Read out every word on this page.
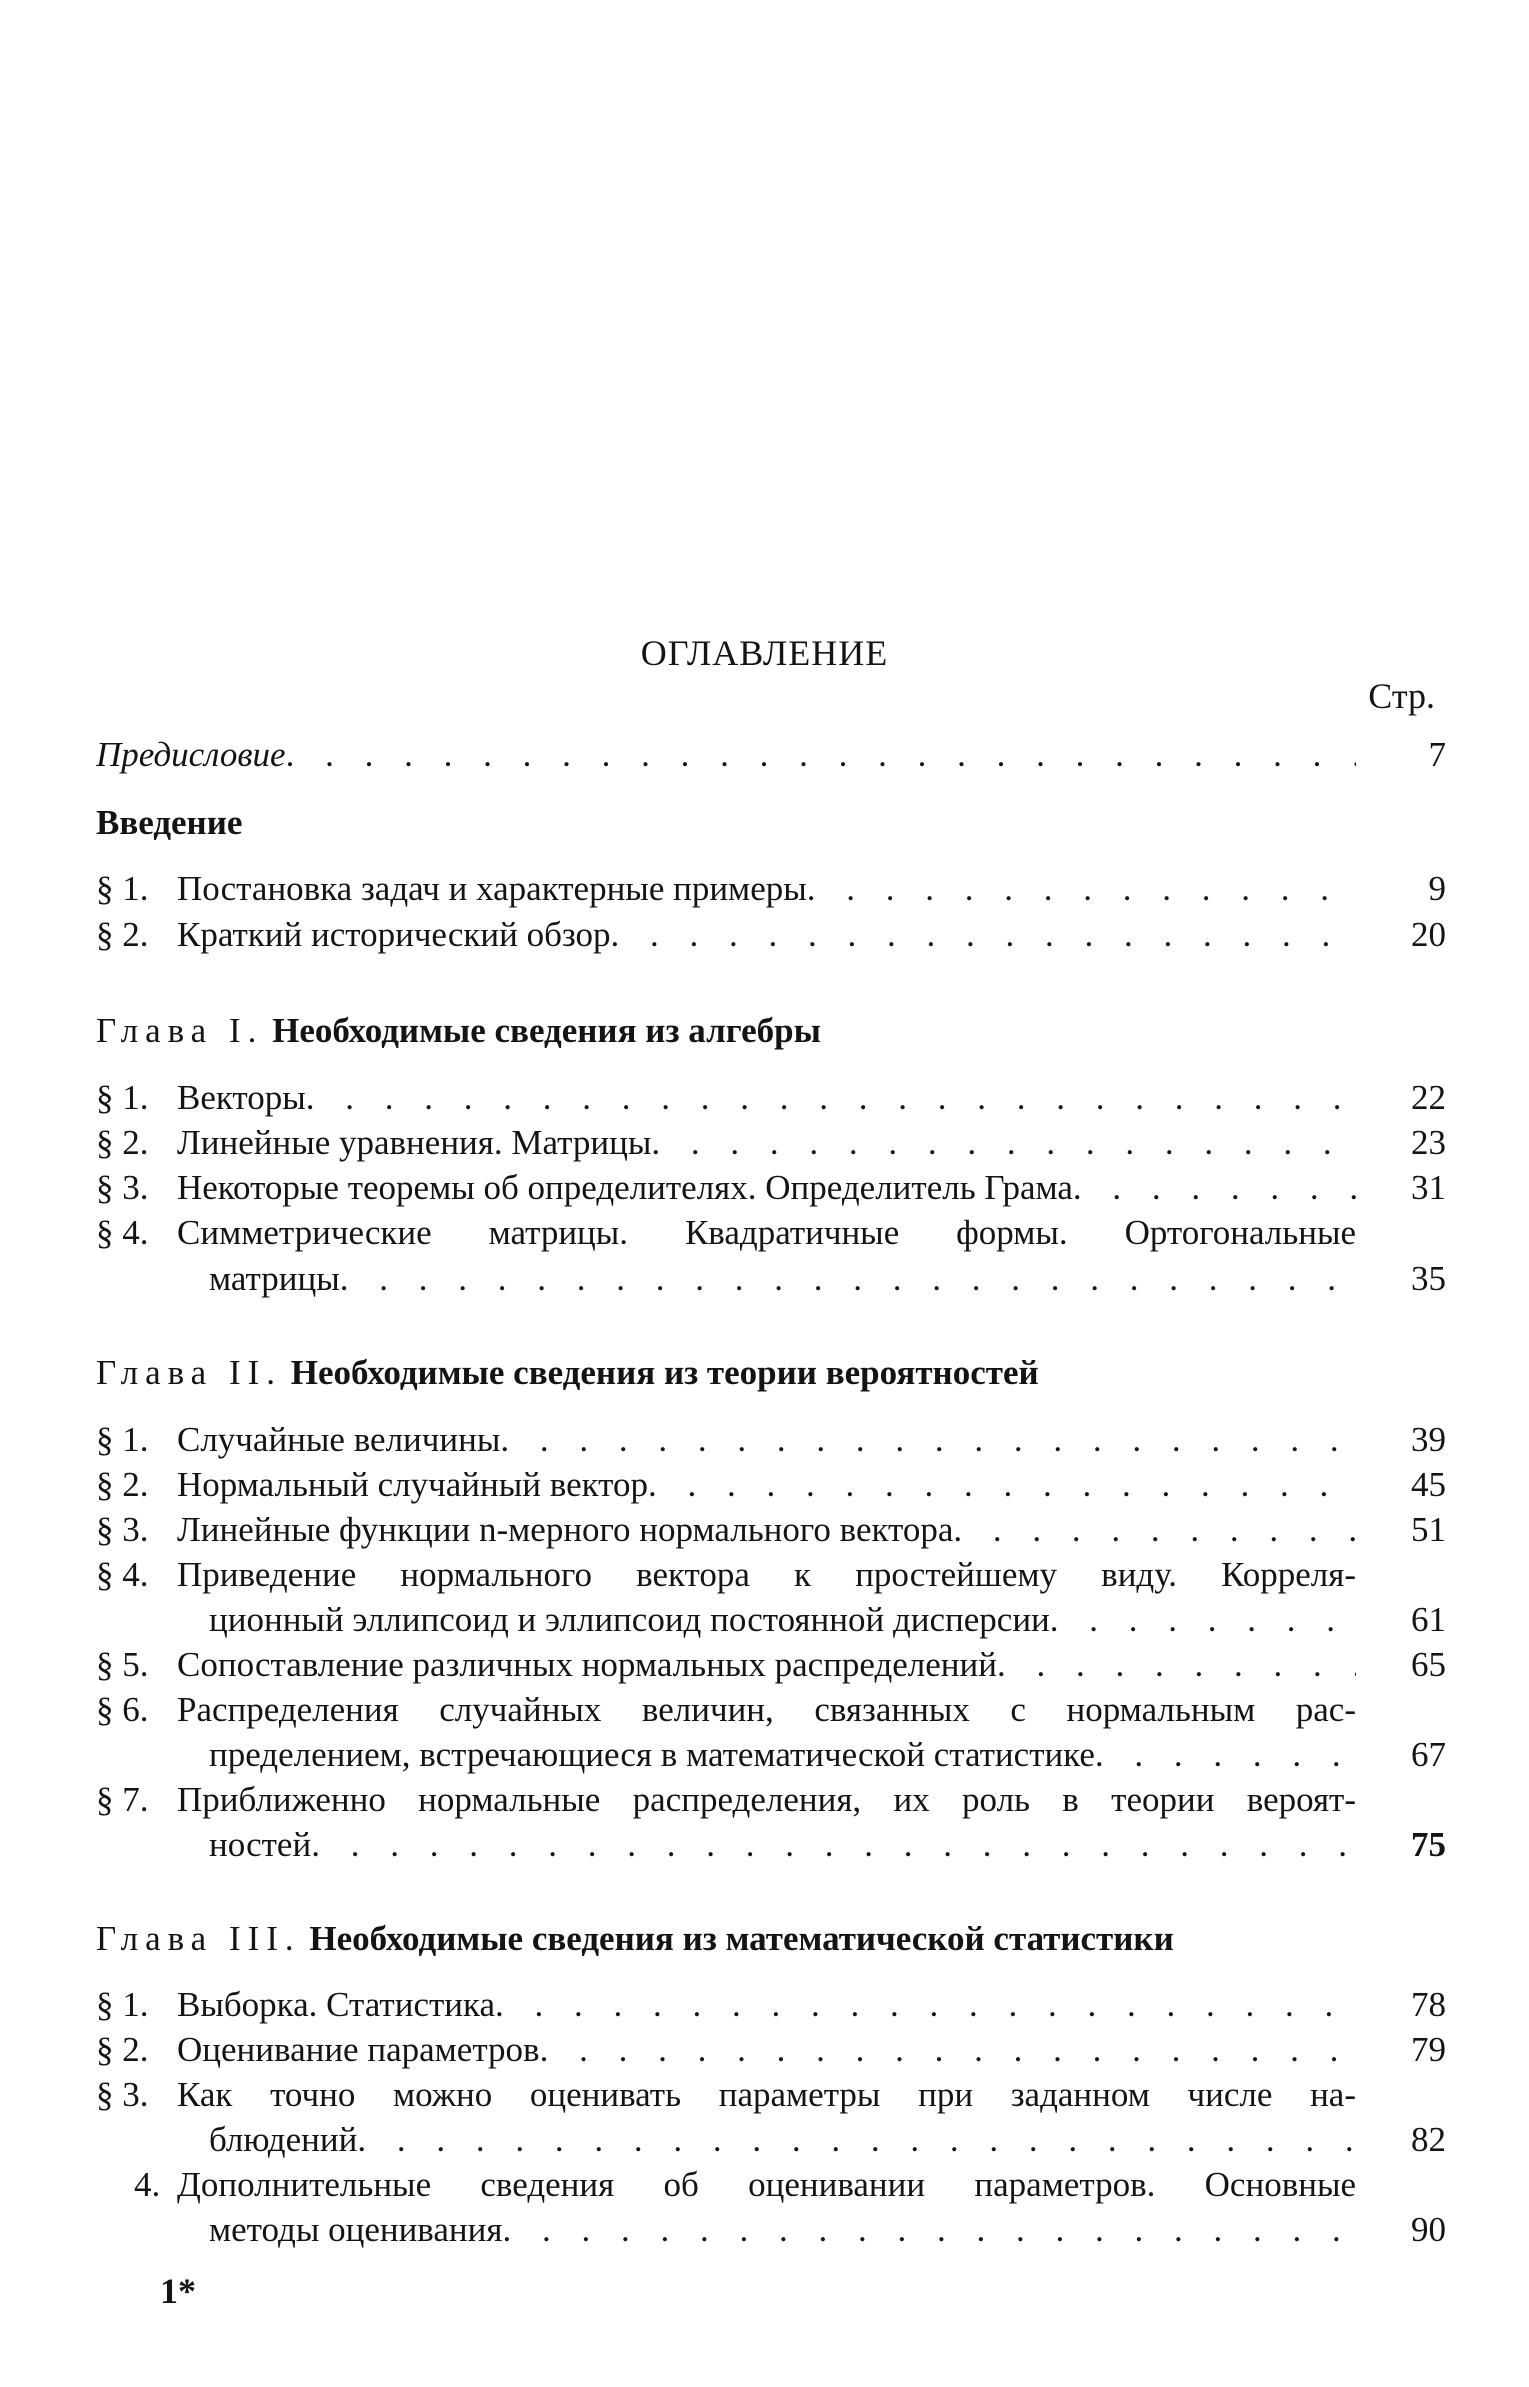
ОГЛАВЛЕНИЕ
Стр.
Предисловие . . .	7
Введение
§ 1. Постановка задач и характерные примеры . . .	9
§ 2. Краткий исторический обзор . . .	20
Глава I. Необходимые сведения из алгебры
§ 1. Векторы . . .	22
§ 2. Линейные уравнения. Матрицы . . .	23
§ 3. Некоторые теоремы об определителях. Определитель Грама . . .	31
§ 4. Симметрические матрицы. Квадратичные формы. Ортогональные
матрицы . . .	35
Глава II. Необходимые сведения из теории вероятностей
§ 1. Случайные величины . . .	39
§ 2. Нормальный случайный вектор . . .	45
§ 3. Линейные функции n-мерного нормального вектора . . .	51
§ 4. Приведение нормального вектора к простейшему виду. Корреля-
ционный эллипсоид и эллипсоид постоянной дисперсии . . .	61
§ 5. Сопоставление различных нормальных распределений . . .	65
§ 6. Распределения случайных величин, связанных с нормальным рас-
пределением, встречающиеся в математической статистике . . .	67
§ 7. Приближенно нормальные распределения, их роль в теории вероят-
ностей . . .	75
Глава III. Необходимые сведения из математической статистики
§ 1. Выборка. Статистика . . .	78
§ 2. Оценивание параметров . . .	79
§ 3. Как точно можно оценивать параметры при заданном числе на-
блюдений . . .	82
4. Дополнительные сведения об оценивании параметров. Основные
методы оценивания . . .	90
1*
